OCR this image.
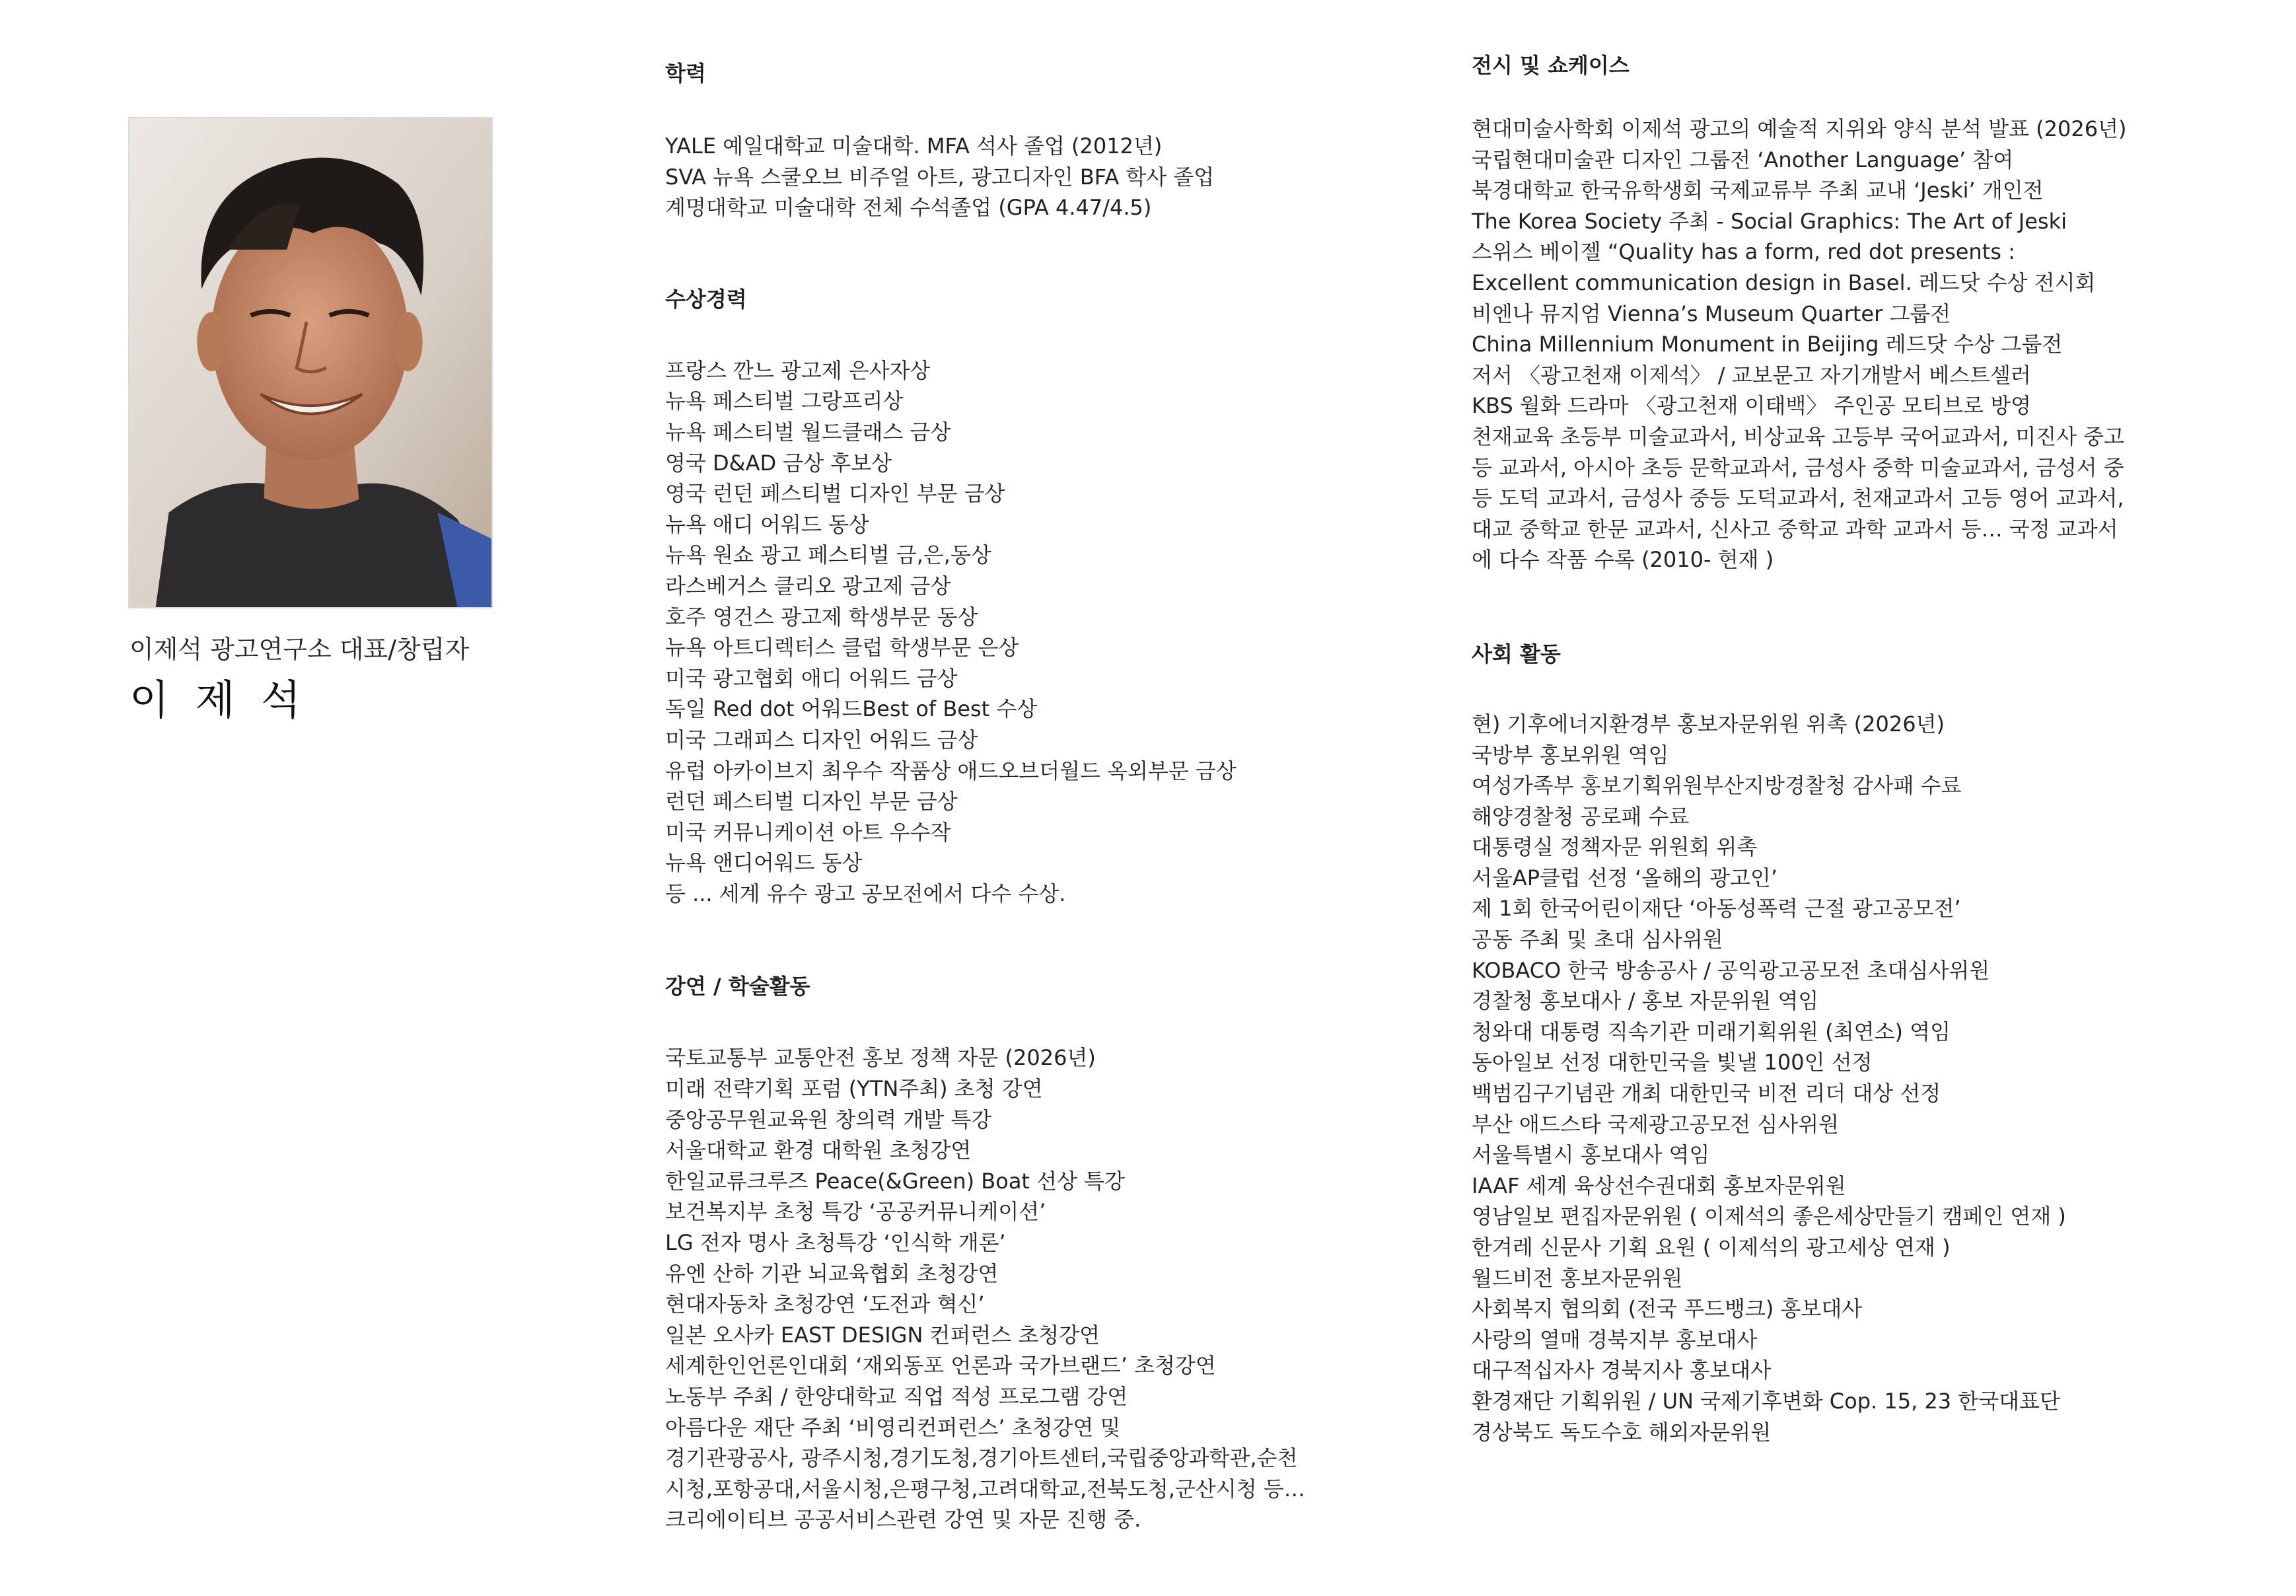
이제석 광고연구소 대표/창립자
이 제 석
학력
YALE 예일대학교 미술대학. MFA 석사 졸업 (2012년)
SVA 뉴욕 스쿨오브 비주얼 아트, 광고디자인 BFA 학사 졸업
계명대학교 미술대학 전체 수석졸업 (GPA 4.47/4.5)
수상경력
프랑스 깐느 광고제 은사자상
뉴욕 페스티벌 그랑프리상
뉴욕 페스티벌 월드클래스 금상
영국 D&AD 금상 후보상
영국 런던 페스티벌 디자인 부문 금상
뉴욕 애디 어워드 동상
뉴욕 원쇼 광고 페스티벌 금,은,동상
라스베거스 클리오 광고제 금상
호주 영건스 광고제 학생부문 동상
뉴욕 아트디렉터스 클럽 학생부문 은상
미국 광고협회 애디 어워드 금상
독일 Red dot 어워드Best of Best 수상
미국 그래피스 디자인 어워드 금상
유럽 아카이브지 최우수 작품상 애드오브더월드 옥외부문 금상
런던 페스티벌 디자인 부문 금상
미국 커뮤니케이션 아트 우수작
뉴욕 앤디어워드 동상
등 ... 세계 유수 광고 공모전에서 다수 수상.
강연 / 학술활동
국토교통부 교통안전 홍보 정책 자문 (2026년)
미래 전략기획 포럼 (YTN주최) 초청 강연
중앙공무원교육원 창의력 개발 특강
서울대학교 환경 대학원 초청강연
한일교류크루즈 Peace(&Green) Boat 선상 특강
보건복지부 초청 특강 ‘공공커뮤니케이션’
LG 전자 명사 초청특강 ‘인식학 개론’
유엔 산하 기관 뇌교육협회 초청강연
현대자동차 초청강연 ‘도전과 혁신’
일본 오사카 EAST DESIGN 컨퍼런스 초청강연
세계한인언론인대회 ‘재외동포 언론과 국가브랜드’ 초청강연
노동부 주최 / 한양대학교 직업 적성 프로그램 강연
아름다운 재단 주최 ‘비영리컨퍼런스’ 초청강연 및
경기관광공사, 광주시청,경기도청,경기아트센터,국립중앙과학관,순천
시청,포항공대,서울시청,은평구청,고려대학교,전북도청,군산시청 등…
크리에이티브 공공서비스관련 강연 및 자문 진행 중.
전시 및 쇼케이스
현대미술사학회 이제석 광고의 예술적 지위와 양식 분석 발표 (2026년)
국립현대미술관 디자인 그룹전 ‘Another Language’ 참여
북경대학교 한국유학생회 국제교류부 주최 교내 ‘Jeski’ 개인전
The Korea Society 주최 - Social Graphics: The Art of Jeski
스위스 베이젤 “Quality has a form, red dot presents :
Excellent communication design in Basel. 레드닷 수상 전시회
비엔나 뮤지엄 Vienna’s Museum Quarter 그룹전
China Millennium Monument in Beijing 레드닷 수상 그룹전
저서 〈광고천재 이제석〉 / 교보문고 자기개발서 베스트셀러
KBS 월화 드라마 〈광고천재 이태백〉 주인공 모티브로 방영
천재교육 초등부 미술교과서, 비상교육 고등부 국어교과서, 미진사 중고
등 교과서, 아시아 초등 문학교과서, 금성사 중학 미술교과서, 금성서 중
등 도덕 교과서, 금성사 중등 도덕교과서, 천재교과서 고등 영어 교과서,
대교 중학교 한문 교과서, 신사고 중학교 과학 교과서 등… 국정 교과서
에 다수 작품 수록 (2010- 현재 )
사회 활동
현) 기후에너지환경부 홍보자문위원 위촉 (2026년)
국방부 홍보위원 역임
여성가족부 홍보기획위원부산지방경찰청 감사패 수료
해양경찰청 공로패 수료
대통령실 정책자문 위원회 위촉
서울AP클럽 선정 ‘올해의 광고인’
제 1회 한국어린이재단 ‘아동성폭력 근절 광고공모전’
공동 주최 및 초대 심사위원
KOBACO 한국 방송공사 / 공익광고공모전 초대심사위원
경찰청 홍보대사 / 홍보 자문위원 역임
청와대 대통령 직속기관 미래기획위원 (최연소) 역임
동아일보 선정 대한민국을 빛낼 100인 선정
백범김구기념관 개최 대한민국 비전 리더 대상 선정
부산 애드스타 국제광고공모전 심사위원
서울특별시 홍보대사 역임
IAAF 세계 육상선수권대회 홍보자문위원
영남일보 편집자문위원 ( 이제석의 좋은세상만들기 캠페인 연재 )
한겨레 신문사 기획 요원 ( 이제석의 광고세상 연재 )
월드비전 홍보자문위원
사회복지 협의회 (전국 푸드뱅크) 홍보대사
사랑의 열매 경북지부 홍보대사
대구적십자사 경북지사 홍보대사
환경재단 기획위원 / UN 국제기후변화 Cop. 15, 23 한국대표단
경상북도 독도수호 해외자문위원
